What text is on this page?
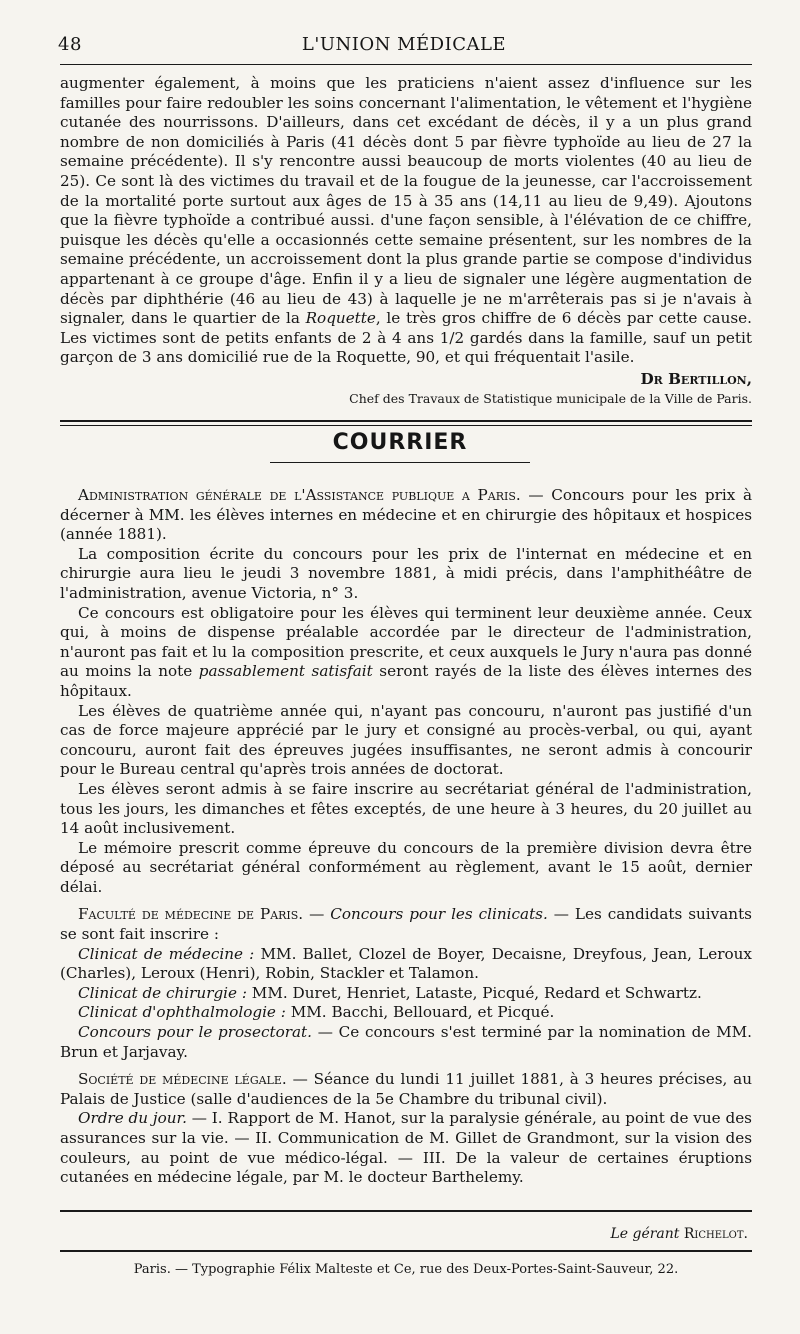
48	L'UNION MÉDICALE

augmenter également, à moins que les praticiens n'aient assez d'influence sur les familles pour faire redoubler les soins concernant l'alimentation, le vêtement et l'hygiène cutanée des nourrissons. D'ailleurs, dans cet excédant de décès, il y a un plus grand nombre de non domiciliés à Paris (41 décès dont 5 par fièvre typhoïde au lieu de 27 la semaine précédente). Il s'y rencontre aussi beaucoup de morts violentes (40 au lieu de 25). Ce sont là des victimes du travail et de la fougue de la jeunesse, car l'accroissement de la mortalité porte surtout aux âges de 15 à 35 ans (14,11 au lieu de 9,49). Ajoutons que la fièvre typhoïde a contribué aussi. d'une façon sensible, à l'élévation de ce chiffre, puisque les décès qu'elle a occasionnés cette semaine présentent, sur les nombres de la semaine précédente, un accroissement dont la plus grande partie se compose d'individus appartenant à ce groupe d'âge. Enfin il y a lieu de signaler une légère augmentation de décès par diphthérie (46 au lieu de 43) à laquelle je ne m'arrêterais pas si je n'avais à signaler, dans le quartier de la Roquette, le très gros chiffre de 6 décès par cette cause. Les victimes sont de petits enfants de 2 à 4 ans 1/2 gardés dans la famille, sauf un petit garçon de 3 ans domicilié rue de la Roquette, 90, et qui fréquentait l'asile.

Dr Bertillon,

Chef des Travaux de Statistique municipale de la Ville de Paris.

COURRIER

Administration générale de l'Assistance publique a Paris. — Concours pour les prix à décerner à MM. les élèves internes en médecine et en chirurgie des hôpitaux et hospices (année 1881).

La composition écrite du concours pour les prix de l'internat en médecine et en chirurgie aura lieu le jeudi 3 novembre 1881, à midi précis, dans l'amphithéâtre de l'administration, avenue Victoria, n° 3.

Ce concours est obligatoire pour les élèves qui terminent leur deuxième année. Ceux qui, à moins de dispense préalable accordée par le directeur de l'administration, n'auront pas fait et lu la composition prescrite, et ceux auxquels le Jury n'aura pas donné au moins la note passablement satisfait seront rayés de la liste des élèves internes des hôpitaux.

Les élèves de quatrième année qui, n'ayant pas concouru, n'auront pas justifié d'un cas de force majeure apprécié par le jury et consigné au procès-verbal, ou qui, ayant concouru, auront fait des épreuves jugées insuffisantes, ne seront admis à concourir pour le Bureau central qu'après trois années de doctorat.

Les élèves seront admis à se faire inscrire au secrétariat général de l'administration, tous les jours, les dimanches et fêtes exceptés, de une heure à 3 heures, du 20 juillet au 14 août inclusivement.

Le mémoire prescrit comme épreuve du concours de la première division devra être déposé au secrétariat général conformément au règlement, avant le 15 août, dernier délai.

Faculté de médecine de Paris. — Concours pour les clinicats. — Les candidats suivants se sont fait inscrire :

Clinicat de médecine : MM. Ballet, Clozel de Boyer, Decaisne, Dreyfous, Jean, Leroux (Charles), Leroux (Henri), Robin, Stackler et Talamon.

Clinicat de chirurgie : MM. Duret, Henriet, Lataste, Picqué, Redard et Schwartz.

Clinicat d'ophthalmologie : MM. Bacchi, Bellouard, et Picqué.

Concours pour le prosectorat. — Ce concours s'est terminé par la nomination de MM. Brun et Jarjavay.

Société de médecine légale. — Séance du lundi 11 juillet 1881, à 3 heures précises, au Palais de Justice (salle d'audiences de la 5e Chambre du tribunal civil).

Ordre du jour. — I. Rapport de M. Hanot, sur la paralysie générale, au point de vue des assurances sur la vie. — II. Communication de M. Gillet de Grandmont, sur la vision des couleurs, au point de vue médico-légal. — III. De la valeur de certaines éruptions cutanées en médecine légale, par M. le docteur Barthelemy.

Le gérant Richelot.
Paris. — Typographie Félix Malteste et Ce, rue des Deux-Portes-Saint-Sauveur, 22.
